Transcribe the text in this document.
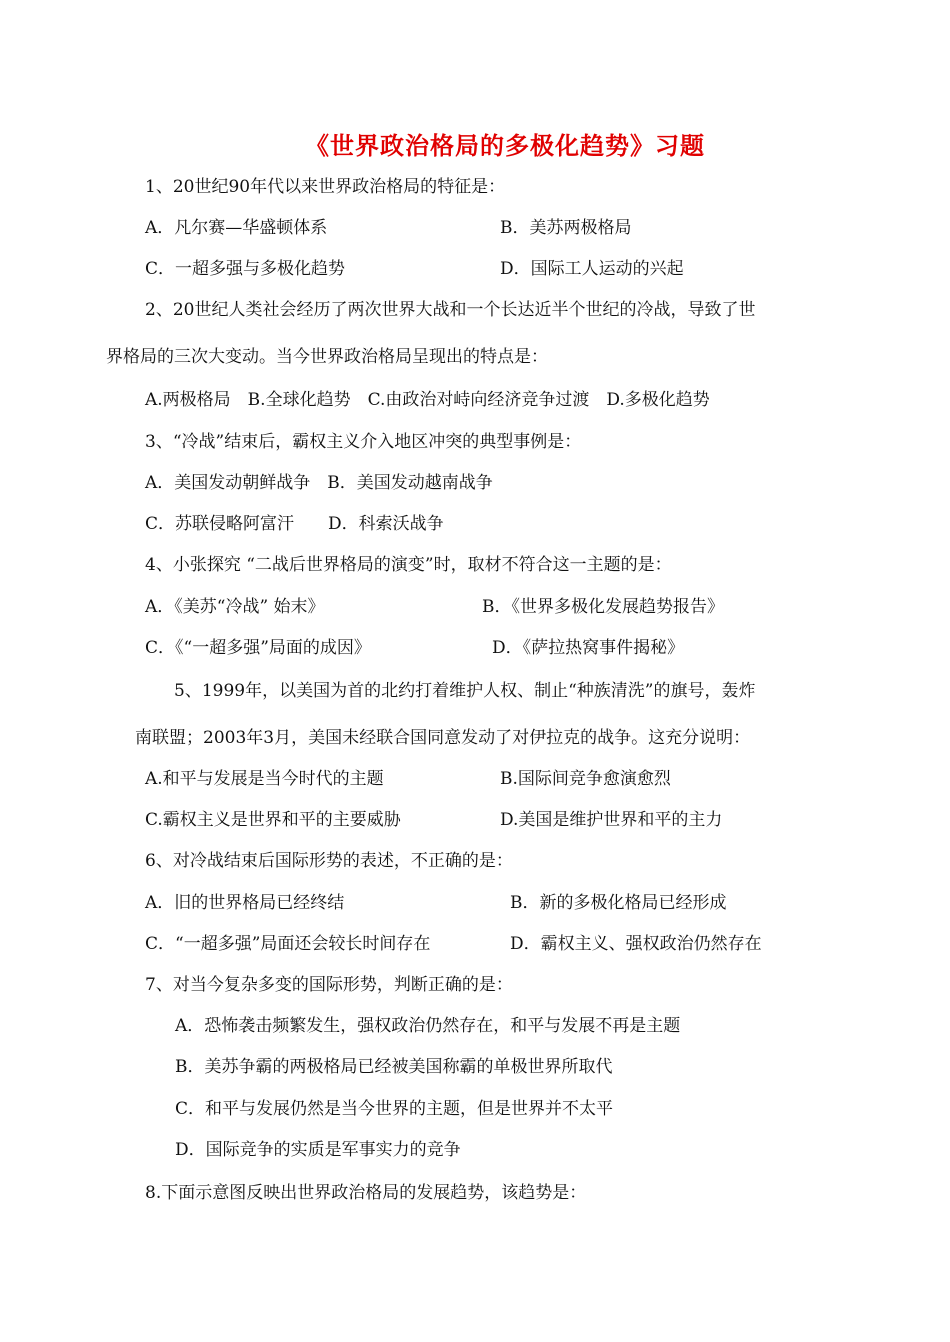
《世界政治格局的多极化趋势》习题
1、20世纪90年代以来世界政治格局的特征是：
A．凡尔赛—华盛顿体系	B．美苏两极格局
C．一超多强与多极化趋势	D．国际工人运动的兴起
2、20世纪人类社会经历了两次世界大战和一个长达近半个世纪的冷战，导致了世
界格局的三次大变动。当今世界政治格局呈现出的特点是：
A.两极格局　B.全球化趋势　C.由政治对峙向经济竞争过渡　D.多极化趋势
3、“冷战”结束后，霸权主义介入地区冲突的典型事例是：
A．美国发动朝鲜战争　B．美国发动越南战争
C．苏联侵略阿富汗　　D．科索沃战争
4、小张探究 “二战后世界格局的演变”时，取材不符合这一主题的是：
A．《美苏“冷战” 始末》	B．《世界多极化发展趋势报告》
C．《“一超多强”局面的成因》	D．《萨拉热窝事件揭秘》
5、1999年，以美国为首的北约打着维护人权、制止“种族清洗”的旗号，轰炸
南联盟；2003年3月，美国未经联合国同意发动了对伊拉克的战争。这充分说明：
A.和平与发展是当今时代的主题	B.国际间竞争愈演愈烈
C.霸权主义是世界和平的主要威胁	D.美国是维护世界和平的主力
6、对冷战结束后国际形势的表述，不正确的是：
A．旧的世界格局已经终结	B．新的多极化格局已经形成
C．“一超多强”局面还会较长时间存在	D．霸权主义、强权政治仍然存在
7、对当今复杂多变的国际形势，判断正确的是：
A．恐怖袭击频繁发生，强权政治仍然存在，和平与发展不再是主题
B．美苏争霸的两极格局已经被美国称霸的单极世界所取代
C．和平与发展仍然是当今世界的主题，但是世界并不太平
D．国际竞争的实质是军事实力的竞争
8.下面示意图反映出世界政治格局的发展趋势，该趋势是：
